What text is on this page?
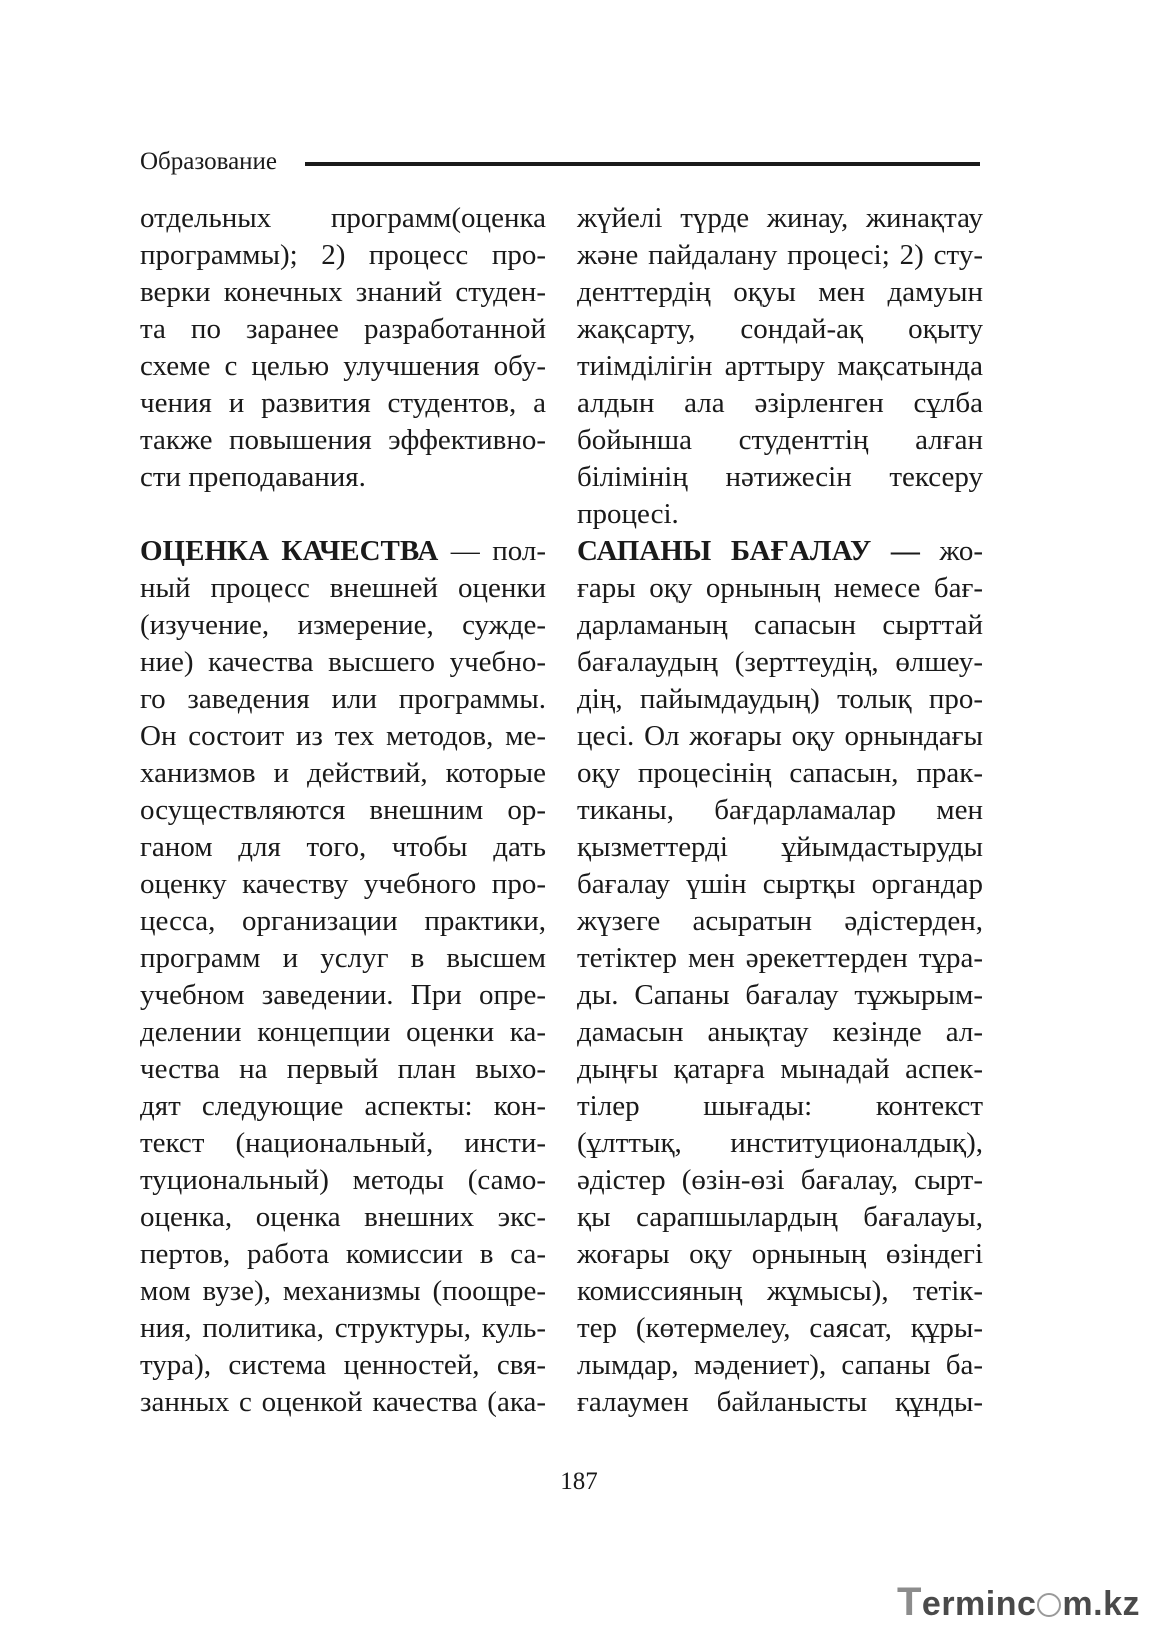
Образование
отдельных программ(оценка
программы); 2) процесс про-
верки конечных знаний студен-
та по заранее разработанной
схеме с целью улучшения обу-
чения и развития студентов, а
также повышения эффективно-
сти преподавания.
ОЦЕНКА КАЧЕСТВА — пол-
ный процесс внешней оценки
(изучение, измерение, сужде-
ние) качества высшего учебно-
го заведения или программы.
Он состоит из тех методов, ме-
ханизмов и действий, которые
осуществляются внешним ор-
ганом для того, чтобы дать
оценку качеству учебного про-
цесса, организации практики,
программ и услуг в высшем
учебном заведении. При опре-
делении концепции оценки ка-
чества на первый план выхо-
дят следующие аспекты: кон-
текст (национальный, инсти-
туциональный) методы (само-
оценка, оценка внешних экс-
пертов, работа комиссии в са-
мом вузе), механизмы (поощре-
ния, политика, структуры, куль-
тура), система ценностей, свя-
занных с оценкой качества (ака-
жүйелі түрде жинау, жинақтау
және пайдалану процесі; 2) сту-
денттердің оқуы мен дамуын
жақсарту, сондай-ақ оқыту
тиімділігін арттыру мақсатында
алдын ала әзірленген сұлба
бойынша студенттің алған
білімінің нәтижесін тексеру
процесі.
САПАНЫ БАҒАЛАУ — жо-
ғары оқу орнының немесе бағ-
дарламаның сапасын сырттай
бағалаудың (зерттеудің, өлшеу-
дің, пайымдаудың) толық про-
цесі. Ол жоғары оқу орнындағы
оқу процесінің сапасын, прак-
тиканы, бағдарламалар мен
қызметтерді ұйымдастыруды
бағалау үшін сыртқы органдар
жүзеге асыратын әдістерден,
тетіктер мен әрекеттерден тұра-
ды. Сапаны бағалау тұжырым-
дамасын анықтау кезінде ал-
дыңғы қатарға мынадай аспек-
тілер шығады: контекст
(ұлттық, институционалдық),
әдістер (өзін-өзі бағалау, сырт-
қы сарапшылардың бағалауы,
жоғары оқу орнының өзіндегі
комиссияның жұмысы), тетік-
тер (көтермелеу, саясат, құры-
лымдар, мәдениет), сапаны ба-
ғалаумен байланысты құнды-
187
Terminc m.kz
